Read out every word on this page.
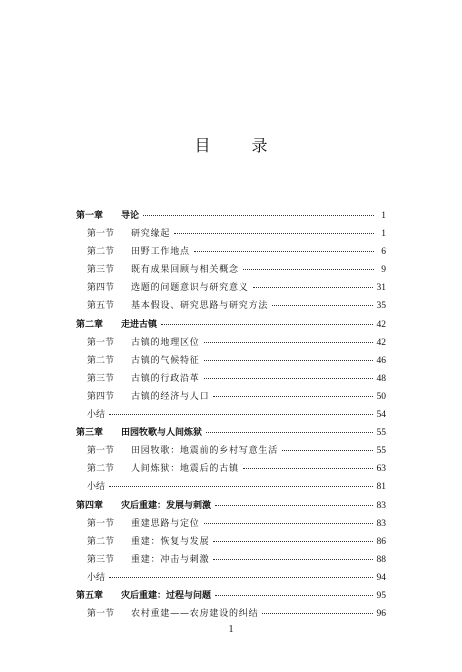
目 录
第一章	导论	1
第一节	研究缘起	1
第二节	田野工作地点	6
第三节	既有成果回顾与相关概念	9
第四节	选题的问题意识与研究意义	31
第五节	基本假设、研究思路与研究方法	35
第二章	走进古镇	42
第一节	古镇的地理区位	42
第二节	古镇的气候特征	46
第三节	古镇的行政沿革	48
第四节	古镇的经济与人口	50
小结	54
第三章	田园牧歌与人间炼狱	55
第一节	田园牧歌：地震前的乡村写意生活	55
第二节	人间炼狱：地震后的古镇	63
小结	81
第四章	灾后重建：发展与刺激	83
第一节	重建思路与定位	83
第二节	重建：恢复与发展	86
第三节	重建：冲击与刺激	88
小结	94
第五章	灾后重建：过程与问题	95
第一节	农村重建——农房建设的纠结	96
1
